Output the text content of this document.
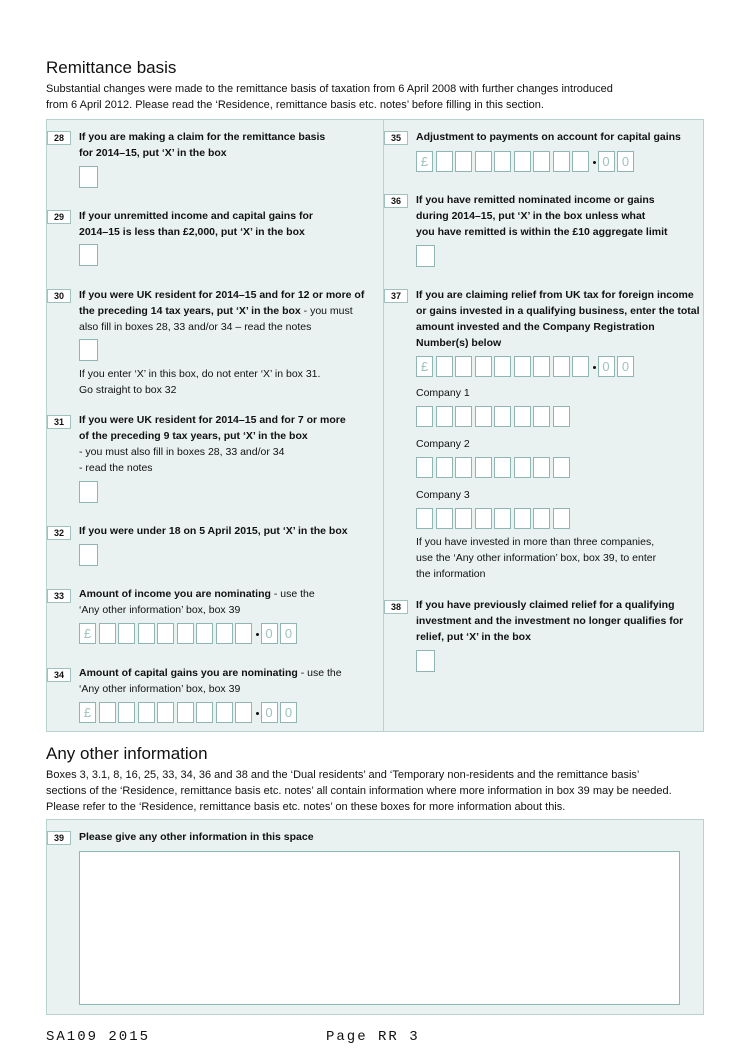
Remittance basis
Substantial changes were made to the remittance basis of taxation from 6 April 2008 with further changes introduced
from 6 April 2012. Please read the ‘Residence, remittance basis etc. notes’ before filling in this section.
28	If you are making a claim for the remittance basis
for 2014–15, put ‘X’ in the box
29	If your unremitted income and capital gains for
2014–15 is less than £2,000, put ‘X’ in the box
30	If you were UK resident for 2014–15 and for 12 or more of
the preceding 14 tax years, put ‘X’ in the box - you must
also fill in boxes 28, 33 and/or 34 – read the notes
If you enter ‘X’ in this box, do not enter ‘X’ in box 31.
Go straight to box 32
31	If you were UK resident for 2014–15 and for 7 or more
of the preceding 9 tax years, put ‘X’ in the box
- you must also fill in boxes 28, 33 and/or 34
- read the notes
32	If you were under 18 on 5 April 2015, put ‘X’ in the box
33	Amount of income you are nominating - use the
‘Any other information’ box, box 39
34	Amount of capital gains you are nominating - use the
‘Any other information’ box, box 39
35	Adjustment to payments on account for capital gains
36	If you have remitted nominated income or gains
during 2014–15, put ‘X’ in the box unless what
you have remitted is within the £10 aggregate limit
37	If you are claiming relief from UK tax for foreign income
or gains invested in a qualifying business, enter the total
amount invested and the Company Registration
Number(s) below
Company 1
Company 2
Company 3
If you have invested in more than three companies,
use the ‘Any other information’ box, box 39, to enter
the information
38	If you have previously claimed relief for a qualifying
investment and the investment no longer qualifies for
relief, put ‘X’ in the box
Any other information
Boxes 3, 3.1, 8, 16, 25, 33, 34, 36 and 38 and the ‘Dual residents’ and ‘Temporary non-residents and the remittance basis’
sections of the ‘Residence, remittance basis etc. notes’ all contain information where more information in box 39 may be needed.
Please refer to the ‘Residence, remittance basis etc. notes’ on these boxes for more information about this.
39	Please give any other information in this space
SA109 2015	Page RR 3
£	0 0
£	0 0
£	0 0
£	0 0
